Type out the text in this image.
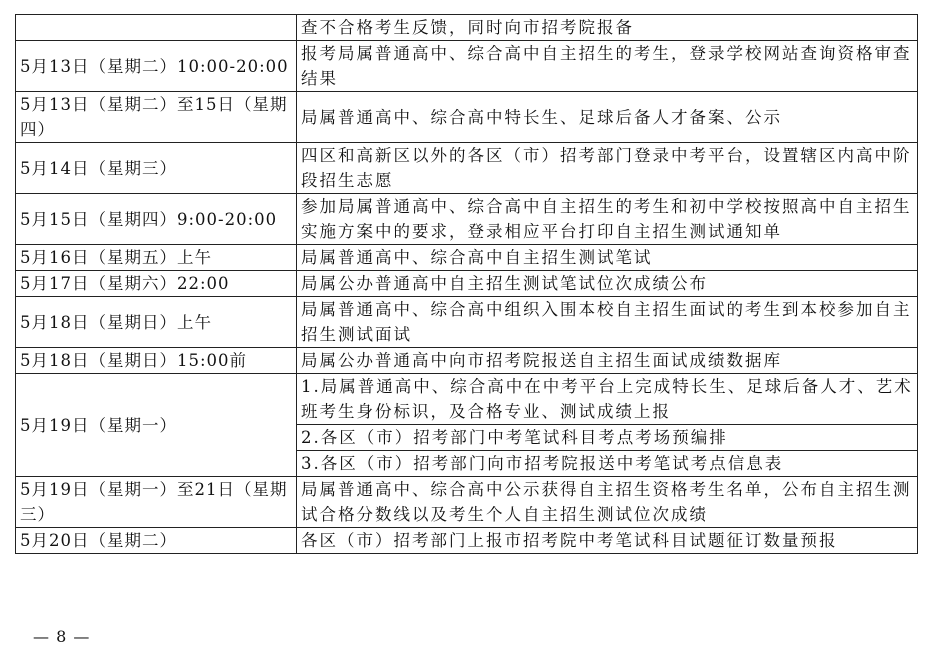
	查不合格考生反馈，同时向市招考院报备
5月13日（星期二）10:00-20:00	报考局属普通高中、综合高中自主招生的考生，登录学校网站查询资格审查结果
5月13日（星期二）至15日（星期四）	局属普通高中、综合高中特长生、足球后备人才备案、公示
5月14日（星期三）	四区和高新区以外的各区（市）招考部门登录中考平台，设置辖区内高中阶段招生志愿
5月15日（星期四）9:00-20:00	参加局属普通高中、综合高中自主招生的考生和初中学校按照高中自主招生实施方案中的要求，登录相应平台打印自主招生测试通知单
5月16日（星期五）上午	局属普通高中、综合高中自主招生测试笔试
5月17日（星期六）22:00	局属公办普通高中自主招生测试笔试位次成绩公布
5月18日（星期日）上午	局属普通高中、综合高中组织入围本校自主招生面试的考生到本校参加自主招生测试面试
5月18日（星期日）15:00前	局属公办普通高中向市招考院报送自主招生面试成绩数据库
5月19日（星期一）	1.局属普通高中、综合高中在中考平台上完成特长生、足球后备人才、艺术班考生身份标识，及合格专业、测试成绩上报
	2.各区（市）招考部门中考笔试科目考点考场预编排
	3.各区（市）招考部门向市招考院报送中考笔试考点信息表
5月19日（星期一）至21日（星期三）	局属普通高中、综合高中公示获得自主招生资格考生名单，公布自主招生测试合格分数线以及考生个人自主招生测试位次成绩
5月20日（星期二）	各区（市）招考部门上报市招考院中考笔试科目试题征订数量预报
— 8 —
